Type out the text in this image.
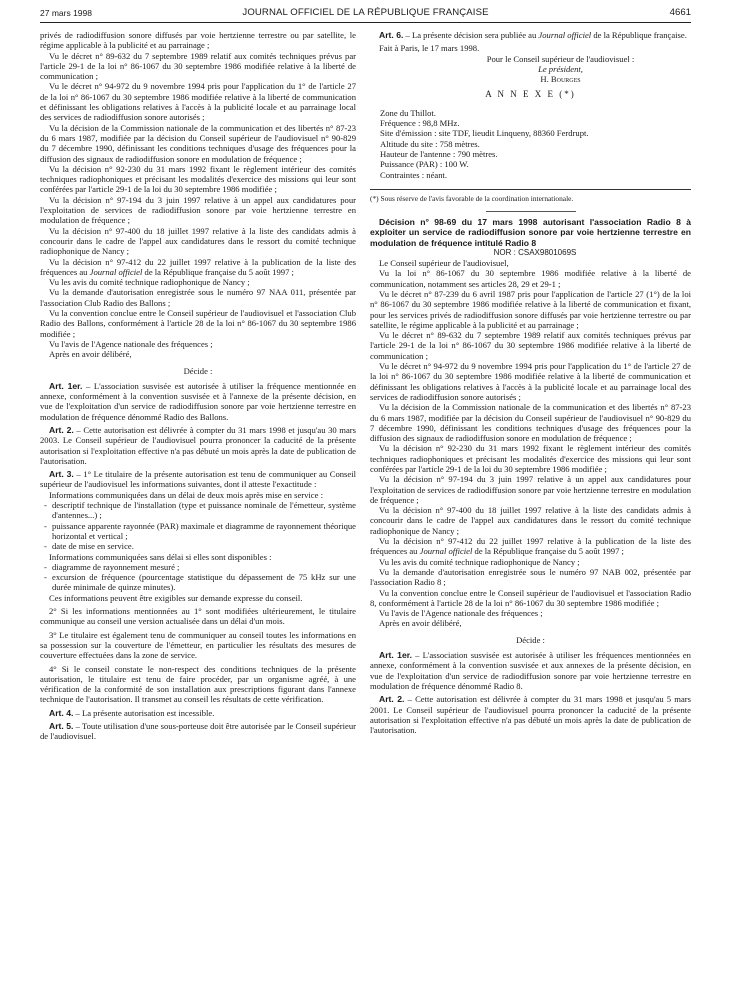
27 mars 1998	JOURNAL OFFICIEL DE LA RÉPUBLIQUE FRANÇAISE	4661

privés de radiodiffusion sonore diffusés par voie hertzienne terrestre ou par satellite, le régime applicable à la publicité et au parrainage ;

Vu le décret n° 89-632 du 7 septembre 1989 relatif aux comités techniques prévus par l'article 29-1 de la loi n° 86-1067 du 30 septembre 1986 modifiée relative à la liberté de communication ;

Vu le décret n° 94-972 du 9 novembre 1994 pris pour l'application du 1° de l'article 27 de la loi n° 86-1067 du 30 septembre 1986 modifiée relative à la liberté de communication et définissant les obligations relatives à l'accès à la publicité locale et au parrainage local des services de radiodiffusion sonore autorisés ;

Vu la décision de la Commission nationale de la communication et des libertés n° 87-23 du 6 mars 1987, modifiée par la décision du Conseil supérieur de l'audiovisuel n° 90-829 du 7 décembre 1990, définissant les conditions techniques d'usage des fréquences pour la diffusion des signaux de radiodiffusion sonore en modulation de fréquence ;

Vu la décision n° 92-230 du 31 mars 1992 fixant le règlement intérieur des comités techniques radiophoniques et précisant les modalités d'exercice des missions qui leur sont conférées par l'article 29-1 de la loi du 30 septembre 1986 modifiée ;

Vu la décision n° 97-194 du 3 juin 1997 relative à un appel aux candidatures pour l'exploitation de services de radiodiffusion sonore par voie hertzienne terrestre en modulation de fréquence ;

Vu la décision n° 97-400 du 18 juillet 1997 relative à la liste des candidats admis à concourir dans le cadre de l'appel aux candidatures dans le ressort du comité technique radiophonique de Nancy ;

Vu la décision n° 97-412 du 22 juillet 1997 relative à la publication de la liste des fréquences au Journal officiel de la République française du 5 août 1997 ;

Vu les avis du comité technique radiophonique de Nancy ;

Vu la demande d'autorisation enregistrée sous le numéro 97 NAA 011, présentée par l'association Club Radio des Ballons ;

Vu la convention conclue entre le Conseil supérieur de l'audiovisuel et l'association Club Radio des Ballons, conformément à l'article 28 de la loi n° 86-1067 du 30 septembre 1986 modifiée ;

Vu l'avis de l'Agence nationale des fréquences ;

Après en avoir délibéré,

Décide :

Art. 1er. – L'association susvisée est autorisée à utiliser la fréquence mentionnée en annexe, conformément à la convention susvisée et à l'annexe de la présente décision, en vue de l'exploitation d'un service de radiodiffusion sonore par voie hertzienne terrestre en modulation de fréquence dénommé Radio des Ballons.

Art. 2. – Cette autorisation est délivrée à compter du 31 mars 1998 et jusqu'au 30 mars 2003. Le Conseil supérieur de l'audiovisuel pourra prononcer la caducité de la présente autorisation si l'exploitation effective n'a pas débuté un mois après la date de publication de l'autorisation.

Art. 3. – 1° Le titulaire de la présente autorisation est tenu de communiquer au Conseil supérieur de l'audiovisuel les informations suivantes, dont il atteste l'exactitude :

Informations communiquées dans un délai de deux mois après mise en service :

- descriptif technique de l'installation (type et puissance nominale de l'émetteur, système d'antennes...) ;

- puissance apparente rayonnée (PAR) maximale et diagramme de rayonnement théorique horizontal et vertical ;

- date de mise en service.

Informations communiquées sans délai si elles sont disponibles :

- diagramme de rayonnement mesuré ;

- excursion de fréquence (pourcentage statistique du dépassement de 75 kHz sur une durée minimale de quinze minutes).

Ces informations peuvent être exigibles sur demande expresse du conseil.

2° Si les informations mentionnées au 1° sont modifiées ultérieurement, le titulaire communique au conseil une version actualisée dans un délai d'un mois.

3° Le titulaire est également tenu de communiquer au conseil toutes les informations en sa possession sur la couverture de l'émetteur, en particulier les résultats des mesures de couverture effectuées dans la zone de service.

4° Si le conseil constate le non-respect des conditions techniques de la présente autorisation, le titulaire est tenu de faire procéder, par un organisme agréé, à une vérification de la conformité de son installation aux prescriptions figurant dans l'annexe technique de l'autorisation. Il transmet au conseil les résultats de cette vérification.

Art. 4. – La présente autorisation est incessible.

Art. 5. – Toute utilisation d'une sous-porteuse doit être autorisée par le Conseil supérieur de l'audiovisuel.

Art. 6. – La présente décision sera publiée au Journal officiel de la République française.

Fait à Paris, le 17 mars 1998.

Pour le Conseil supérieur de l'audiovisuel :

Le président,

H. Bourges

A N N E X E (*)

Zone du Thillot.

Fréquence : 98,8 MHz.

Site d'émission : site TDF, lieudit Linqueny, 88360 Ferdrupt.

Altitude du site : 758 mètres.

Hauteur de l'antenne : 790 mètres.

Puissance (PAR) : 100 W.

Contraintes : néant.

(*) Sous réserve de l'avis favorable de la coordination internationale.

Décision n° 98-69 du 17 mars 1998 autorisant l'association Radio 8 à exploiter un service de radiodiffusion sonore par voie hertzienne terrestre en modulation de fréquence intitulé Radio 8

NOR : CSAX9801069S

Le Conseil supérieur de l'audiovisuel,

Vu la loi n° 86-1067 du 30 septembre 1986 modifiée relative à la liberté de communication, notamment ses articles 28, 29 et 29-1 ;

Vu le décret n° 87-239 du 6 avril 1987 pris pour l'application de l'article 27 (1°) de la loi n° 86-1067 du 30 septembre 1986 modifiée relative à la liberté de communication et fixant, pour les services privés de radiodiffusion sonore diffusés par voie hertzienne terrestre ou par satellite, le régime applicable à la publicité et au parrainage ;

Vu le décret n° 89-632 du 7 septembre 1989 relatif aux comités techniques prévus par l'article 29-1 de la loi n° 86-1067 du 30 septembre 1986 modifiée relative à la liberté de communication ;

Vu le décret n° 94-972 du 9 novembre 1994 pris pour l'application du 1° de l'article 27 de la loi n° 86-1067 du 30 septembre 1986 modifiée relative à la liberté de communication et définissant les obligations relatives à l'accès à la publicité locale et au parrainage local des services de radiodiffusion sonore autorisés ;

Vu la décision de la Commission nationale de la communication et des libertés n° 87-23 du 6 mars 1987, modifiée par la décision du Conseil supérieur de l'audiovisuel n° 90-829 du 7 décembre 1990, définissant les conditions techniques d'usage des fréquences pour la diffusion des signaux de radiodiffusion sonore en modulation de fréquence ;

Vu la décision n° 92-230 du 31 mars 1992 fixant le règlement intérieur des comités techniques radiophoniques et précisant les modalités d'exercice des missions qui leur sont conférées par l'article 29-1 de la loi du 30 septembre 1986 modifiée ;

Vu la décision n° 97-194 du 3 juin 1997 relative à un appel aux candidatures pour l'exploitation de services de radiodiffusion sonore par voie hertzienne terrestre en modulation de fréquence ;

Vu la décision n° 97-400 du 18 juillet 1997 relative à la liste des candidats admis à concourir dans le cadre de l'appel aux candidatures dans le ressort du comité technique radiophonique de Nancy ;

Vu la décision n° 97-412 du 22 juillet 1997 relative à la publication de la liste des fréquences au Journal officiel de la République française du 5 août 1997 ;

Vu les avis du comité technique radiophonique de Nancy ;

Vu la demande d'autorisation enregistrée sous le numéro 97 NAB 002, présentée par l'association Radio 8 ;

Vu la convention conclue entre le Conseil supérieur de l'audiovisuel et l'association Radio 8, conformément à l'article 28 de la loi n° 86-1067 du 30 septembre 1986 modifiée ;

Vu l'avis de l'Agence nationale des fréquences ;

Après en avoir délibéré,

Décide :

Art. 1er. – L'association susvisée est autorisée à utiliser les fréquences mentionnées en annexe, conformément à la convention susvisée et aux annexes de la présente décision, en vue de l'exploitation d'un service de radiodiffusion sonore par voie hertzienne terrestre en modulation de fréquence dénommé Radio 8.

Art. 2. – Cette autorisation est délivrée à compter du 31 mars 1998 et jusqu'au 5 mars 2001. Le Conseil supérieur de l'audiovisuel pourra prononcer la caducité de la présente autorisation si l'exploitation effective n'a pas débuté un mois après la date de publication de l'autorisation.
